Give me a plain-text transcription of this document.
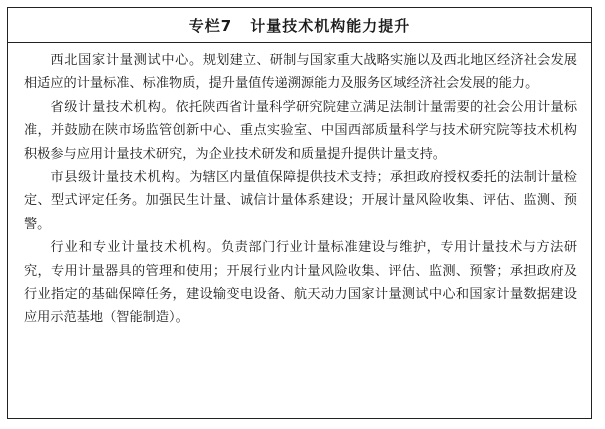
专栏7 计量技术机构能力提升

西北国家计量测试中心。规划建立、研制与国家重大战略实施以及西北地区经济社会发展相适应的计量标准、标准物质，提升量值传递溯源能力及服务区域经济社会发展的能力。

省级计量技术机构。依托陕西省计量科学研究院建立满足法制计量需要的社会公用计量标准，并鼓励在陕市场监管创新中心、重点实验室、中国西部质量科学与技术研究院等技术机构积极参与应用计量技术研究，为企业技术研发和质量提升提供计量支持。

市县级计量技术机构。为辖区内量值保障提供技术支持；承担政府授权委托的法制计量检定、型式评定任务。加强民生计量、诚信计量体系建设；开展计量风险收集、评估、监测、预警。

行业和专业计量技术机构。负责部门行业计量标准建设与维护，专用计量技术与方法研究，专用计量器具的管理和使用；开展行业内计量风险收集、评估、监测、预警；承担政府及行业指定的基础保障任务，建设输变电设备、航天动力国家计量测试中心和国家计量数据建设应用示范基地（智能制造）。
